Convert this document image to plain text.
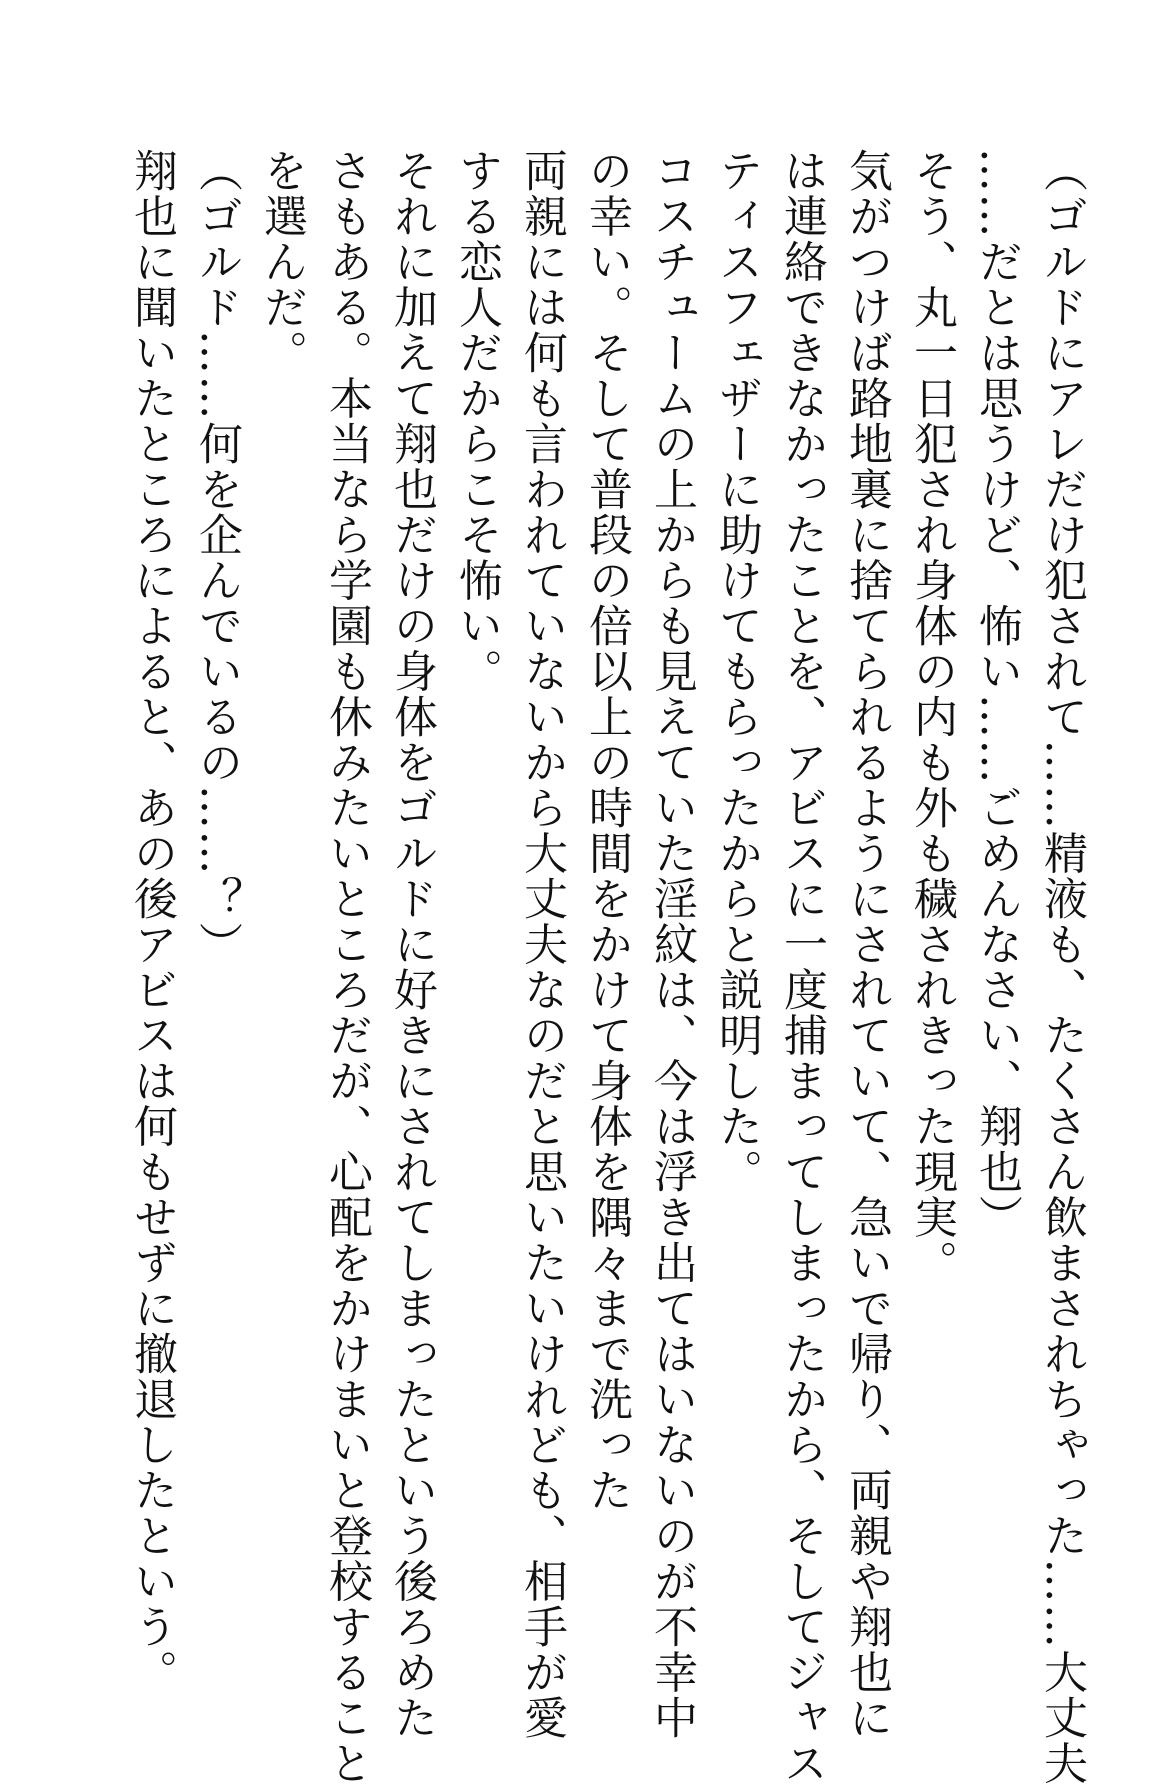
（ゴルドにアレだけ犯されて……精液も、たくさん飲まされちゃった……大丈夫
……だとは思うけど、怖い……ごめんなさい、翔也）
そう、丸一日犯され身体の内も外も穢されきった現実。
気がつけば路地裏に捨てられるようにされていて、急いで帰り、両親や翔也に
は連絡できなかったことを、アビスに一度捕まってしまったから、そしてジャス
ティスフェザーに助けてもらったからと説明した。
コスチュームの上からも見えていた淫紋は、今は浮き出てはいないのが不幸中
の幸い。そして普段の倍以上の時間をかけて身体を隅々まで洗った
両親には何も言われていないから大丈夫なのだと思いたいけれども、相手が愛
する恋人だからこそ怖い。
それに加えて翔也だけの身体をゴルドに好きにされてしまったという後ろめた
さもある。本当なら学園も休みたいところだが、心配をかけまいと登校すること
を選んだ。
（ゴルド……何を企んでいるの……？）
翔也に聞いたところによると、あの後アビスは何もせずに撤退したという。
